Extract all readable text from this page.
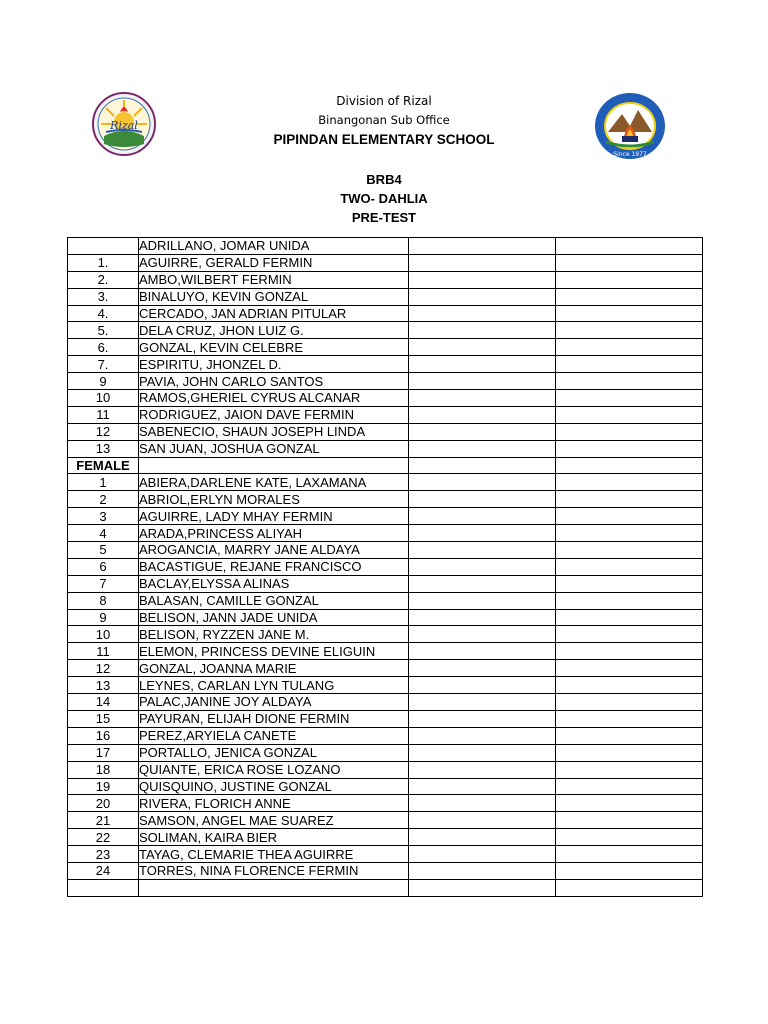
Rizal
Since 1977
Division of Rizal
Binangonan Sub Office
PIPINDAN ELEMENTARY SCHOOL
BRB4
TWO- DAHLIA
PRE-TEST
	ADRILLANO, JOMAR UNIDA		
1.	AGUIRRE, GERALD FERMIN		
2.	AMBO,WILBERT FERMIN		
3.	BINALUYO, KEVIN GONZAL		
4.	CERCADO, JAN ADRIAN PITULAR		
5.	DELA CRUZ, JHON LUIZ G.		
6.	GONZAL, KEVIN CELEBRE		
7.	ESPIRITU, JHONZEL D.		
9	PAVIA, JOHN CARLO SANTOS		
10	RAMOS,GHERIEL CYRUS ALCANAR		
11	RODRIGUEZ, JAION DAVE FERMIN		
12	SABENECIO, SHAUN JOSEPH LINDA		
13	SAN JUAN, JOSHUA GONZAL		
FEMALE			
1	ABIERA,DARLENE KATE, LAXAMANA		
2	ABRIOL,ERLYN MORALES		
3	AGUIRRE, LADY MHAY FERMIN		
4	ARADA,PRINCESS ALIYAH		
5	AROGANCIA, MARRY JANE ALDAYA		
6	BACASTIGUE, REJANE FRANCISCO		
7	BACLAY,ELYSSA ALINAS		
8	BALASAN, CAMILLE GONZAL		
9	BELISON, JANN JADE UNIDA		
10	BELISON, RYZZEN JANE M.		
11	ELEMON, PRINCESS DEVINE ELIGUIN		
12	GONZAL, JOANNA MARIE		
13	LEYNES, CARLAN LYN TULANG		
14	PALAC,JANINE JOY ALDAYA		
15	PAYURAN, ELIJAH DIONE FERMIN		
16	PEREZ,ARYIELA CANETE		
17	PORTALLO, JENICA GONZAL		
18	QUIANTE, ERICA ROSE LOZANO		
19	QUISQUINO, JUSTINE GONZAL		
20	RIVERA, FLORICH ANNE		
21	SAMSON, ANGEL MAE SUAREZ		
22	SOLIMAN, KAIRA BIER		
23	TAYAG, CLEMARIE THEA AGUIRRE		
24	TORRES, NINA FLORENCE FERMIN		
